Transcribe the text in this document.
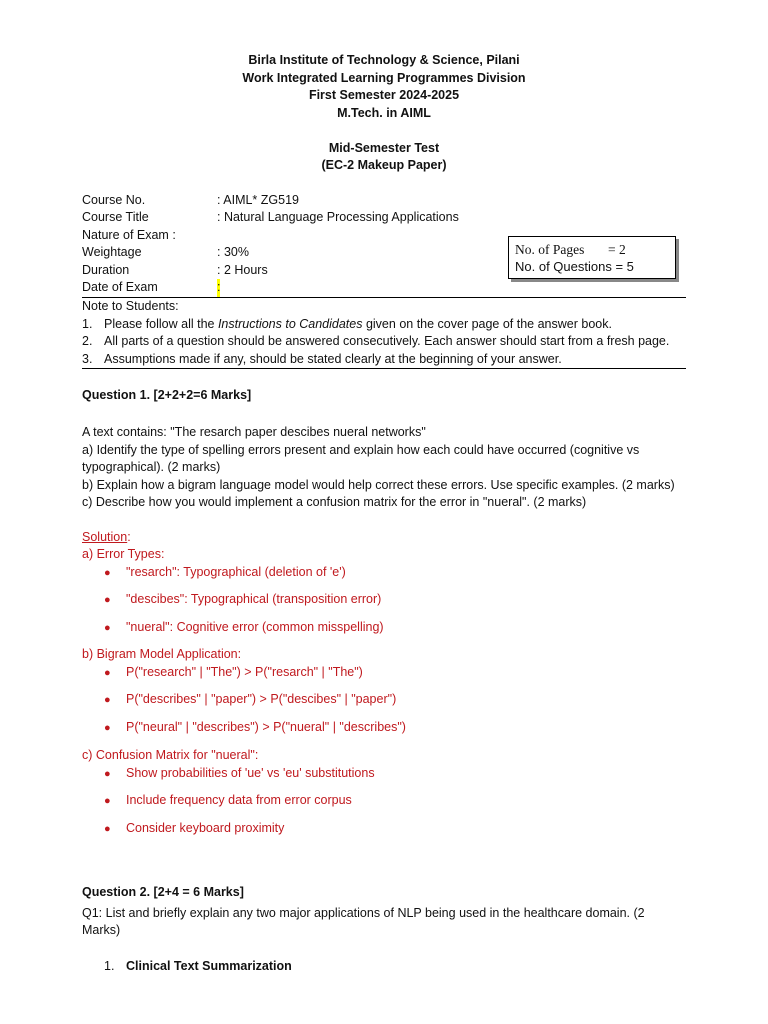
Birla Institute of Technology & Science, Pilani
Work Integrated Learning Programmes Division
First Semester 2024-2025
M.Tech. in AIML
Mid-Semester Test
(EC-2 Makeup Paper)
Course No.	: AIML* ZG519
Course Title	: Natural Language Processing Applications
Nature of Exam :
Weightage	: 30%
Duration	: 2 Hours
Date of Exam	:
No. of Pages       = 2
No. of Questions = 5
Note to Students:
1. Please follow all the Instructions to Candidates given on the cover page of the answer book.
2. All parts of a question should be answered consecutively. Each answer should start from a fresh page.
3. Assumptions made if any, should be stated clearly at the beginning of your answer.
Question 1. [2+2+2=6 Marks]
A text contains: "The resarch paper descibes nueral networks"
a) Identify the type of spelling errors present and explain how each could have occurred (cognitive vs
typographical). (2 marks)
b) Explain how a bigram language model would help correct these errors. Use specific examples. (2 marks)
c) Describe how you would implement a confusion matrix for the error in "nueral". (2 marks)
Solution:
a) Error Types:
● "resarch": Typographical (deletion of 'e')
● "descibes": Typographical (transposition error)
● "nueral": Cognitive error (common misspelling)
b) Bigram Model Application:
● P("research" | "The") > P("resarch" | "The")
● P("describes" | "paper") > P("descibes" | "paper")
● P("neural" | "describes") > P("nueral" | "describes")
c) Confusion Matrix for "nueral":
● Show probabilities of 'ue' vs 'eu' substitutions
● Include frequency data from error corpus
● Consider keyboard proximity
Question 2. [2+4 = 6 Marks]
Q1: List and briefly explain any two major applications of NLP being used in the healthcare domain. (2
Marks)
1. Clinical Text Summarization
